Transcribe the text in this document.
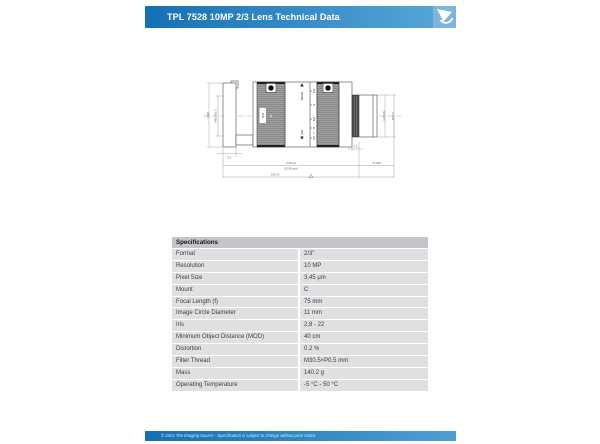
TPL 7528 10MP 2/3 Lens Technical Data
NEAR
INF
2.8
4
5.6
8
22
Ø48 M30.5x0.5	Ø58	1-32UN Ø35.5
8.1
3.2
2.90 ext
62.59 (ext)
17.526
134.72
Specifications
Format	2/3"
Resolution	10 MP
Pixel Size	3,45 µm
Mount	C
Focal Length (f)	75 mm
Image Circle Diameter	11 mm
Iris	2,8 - 22
Minimum Object Distance (MOD)	40 cm
Distortion	0.2 %
Filter Thread	M30.5×P0.5 mm
Mass	140.2 g
Operating Temperature	-5 °C - 50 °C
© 2024 The Imaging Source - Specification is subject to change without prior notice.
